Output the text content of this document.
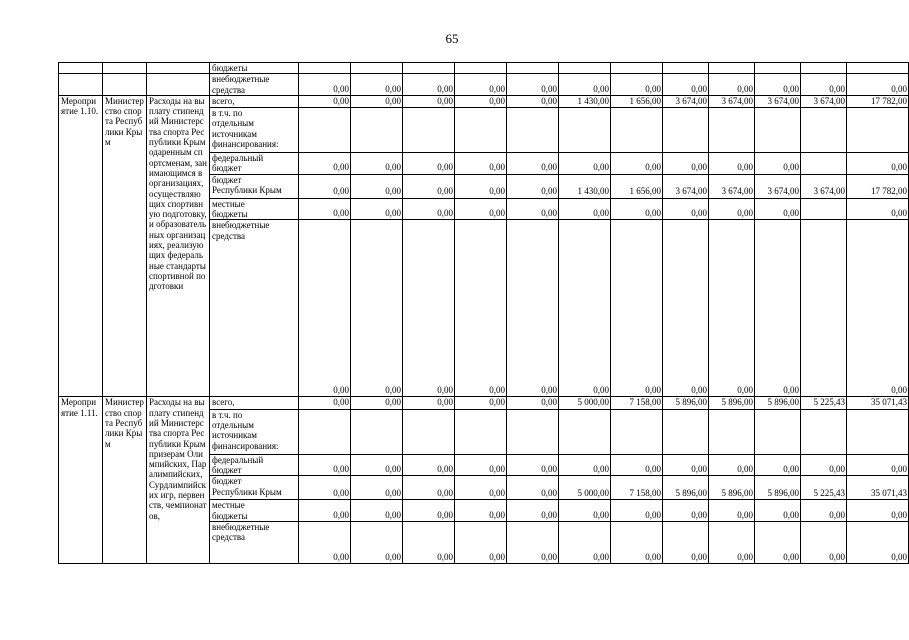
65
			бюджеты												
			внебюджетные
средства	0,00	0,00	0,00	0,00	0,00	0,00	0,00	0,00	0,00	0,00	0,00	0,00
Мероприятие 1.10.	Министерство спорта Республики Крым	Расходы на выплату стипендий Министерства спорта Республики Крым одаренным спортсменам, занимающимся в организациях, осуществляющих спортивную подготовку, и образовательных организациях, реализующих федеральные стандарты спортивной подготовки	всего,	0,00	0,00	0,00	0,00	0,00	1 430,00	1 656,00	3 674,00	3 674,00	3 674,00	3 674,00	17 782,00
			в т.ч. по
отдельным
источникам
финансирования:												
			федеральный
бюджет	0,00	0,00	0,00	0,00	0,00	0,00	0,00	0,00	0,00	0,00		0,00
			бюджет
Республики Крым	0,00	0,00	0,00	0,00	0,00	1 430,00	1 656,00	3 674,00	3 674,00	3 674,00	3 674,00	17 782,00
			местные
бюджеты	0,00	0,00	0,00	0,00	0,00	0,00	0,00	0,00	0,00	0,00		0,00
			внебюджетные
средства	0,00	0,00	0,00	0,00	0,00	0,00	0,00	0,00	0,00	0,00		0,00
Мероприятие 1.11.	Министерство спорта Республики Крым	Расходы на выплату стипендий Министерства спорта Республики Крым призерам Олимпийских, Паралимпийских, Сурдлимпийских игр, первенств, чемпионатов,	всего,	0,00	0,00	0,00	0,00	0,00	5 000,00	7 158,00	5 896,00	5 896,00	5 896,00	5 225,43	35 071,43
			в т.ч. по
отдельным
источникам
финансирования:												
			федеральный
бюджет	0,00	0,00	0,00	0,00	0,00	0,00	0,00	0,00	0,00	0,00	0,00	0,00
			бюджет
Республики Крым	0,00	0,00	0,00	0,00	0,00	5 000,00	7 158,00	5 896,00	5 896,00	5 896,00	5 225,43	35 071,43
			местные
бюджеты	0,00	0,00	0,00	0,00	0,00	0,00	0,00	0,00	0,00	0,00	0,00	0,00
			внебюджетные
средства	0,00	0,00	0,00	0,00	0,00	0,00	0,00	0,00	0,00	0,00	0,00	0,00
